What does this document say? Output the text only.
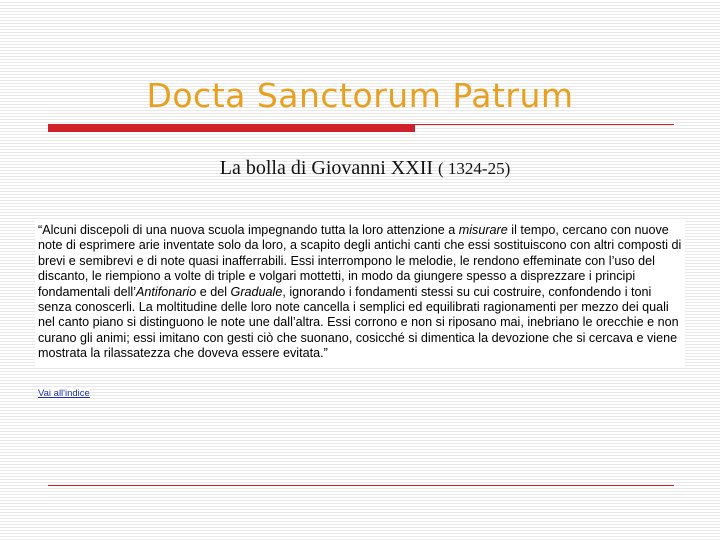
Docta Sanctorum Patrum
La bolla di Giovanni XXII ( 1324-25)

“Alcuni discepoli di una nuova scuola impegnando tutta la loro attenzione a misurare il tempo, cercano con nuove note di esprimere arie inventate solo da loro, a scapito degli antichi canti che essi sostituiscono con altri composti di brevi e semibrevi e di note quasi inafferrabili. Essi interrompono le melodie, le rendono effeminate con l’uso del discanto, le riempiono a volte di triple e volgari mottetti, in modo da giungere spesso a disprezzare i principi fondamentali dell’Antifonario e del Graduale, ignorando i fondamenti stessi su cui costruire, confondendo i toni senza conoscerli. La moltitudine delle loro note cancella i semplici ed equilibrati ragionamenti per mezzo dei quali nel canto piano si distinguono le note une dall’altra. Essi corrono e non si riposano mai, inebriano le orecchie e non curano gli animi; essi imitano con gesti ciò che suonano, cosicché si dimentica la devozione che si cercava e viene mostrata la rilassatezza che doveva essere evitata.”

Vai all'indice
